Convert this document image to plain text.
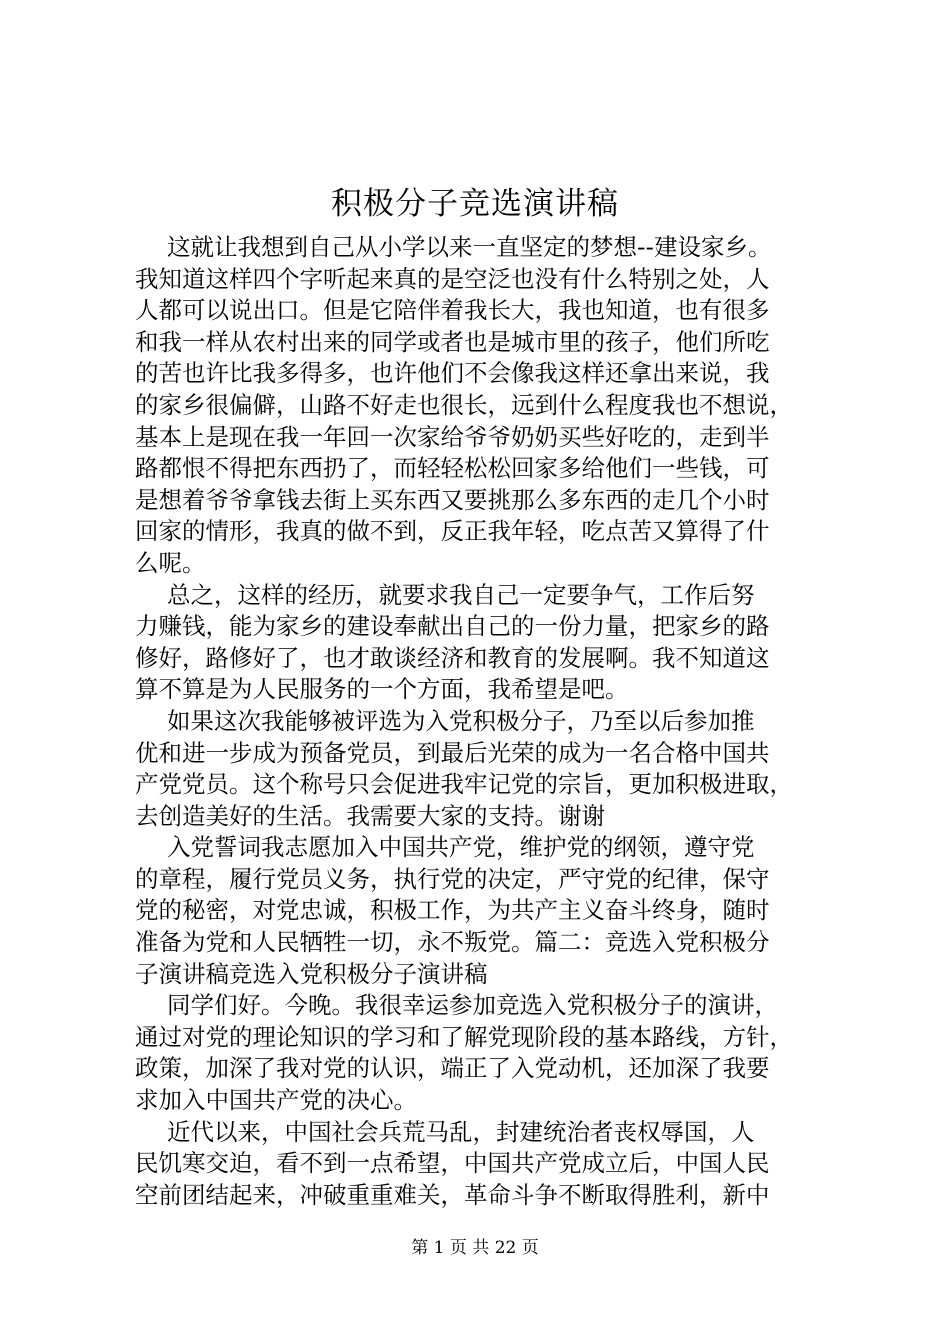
积极分子竞选演讲稿
这就让我想到自己从小学以来一直坚定的梦想--建设家乡。
我知道这样四个字听起来真的是空泛也没有什么特别之处，人
人都可以说出口。但是它陪伴着我长大，我也知道，也有很多
和我一样从农村出来的同学或者也是城市里的孩子，他们所吃
的苦也许比我多得多，也许他们不会像我这样还拿出来说，我
的家乡很偏僻，山路不好走也很长，远到什么程度我也不想说，
基本上是现在我一年回一次家给爷爷奶奶买些好吃的，走到半
路都恨不得把东西扔了，而轻轻松松回家多给他们一些钱，可
是想着爷爷拿钱去街上买东西又要挑那么多东西的走几个小时
回家的情形，我真的做不到，反正我年轻，吃点苦又算得了什
么呢。
总之，这样的经历，就要求我自己一定要争气，工作后努
力赚钱，能为家乡的建设奉献出自己的一份力量，把家乡的路
修好，路修好了，也才敢谈经济和教育的发展啊。我不知道这
算不算是为人民服务的一个方面，我希望是吧。
如果这次我能够被评选为入党积极分子，乃至以后参加推
优和进一步成为预备党员，到最后光荣的成为一名合格中国共
产党党员。这个称号只会促进我牢记党的宗旨，更加积极进取，
去创造美好的生活。我需要大家的支持。谢谢
入党誓词我志愿加入中国共产党，维护党的纲领，遵守党
的章程，履行党员义务，执行党的决定，严守党的纪律，保守
党的秘密，对党忠诚，积极工作，为共产主义奋斗终身，随时
准备为党和人民牺牲一切，永不叛党。篇二：竞选入党积极分
子演讲稿竞选入党积极分子演讲稿
同学们好。今晚。我很幸运参加竞选入党积极分子的演讲，
通过对党的理论知识的学习和了解党现阶段的基本路线，方针，
政策，加深了我对党的认识，端正了入党动机，还加深了我要
求加入中国共产党的决心。
近代以来，中国社会兵荒马乱，封建统治者丧权辱国，人
民饥寒交迫，看不到一点希望，中国共产党成立后，中国人民
空前团结起来，冲破重重难关，革命斗争不断取得胜利，新中
第 1 页 共 22 页
